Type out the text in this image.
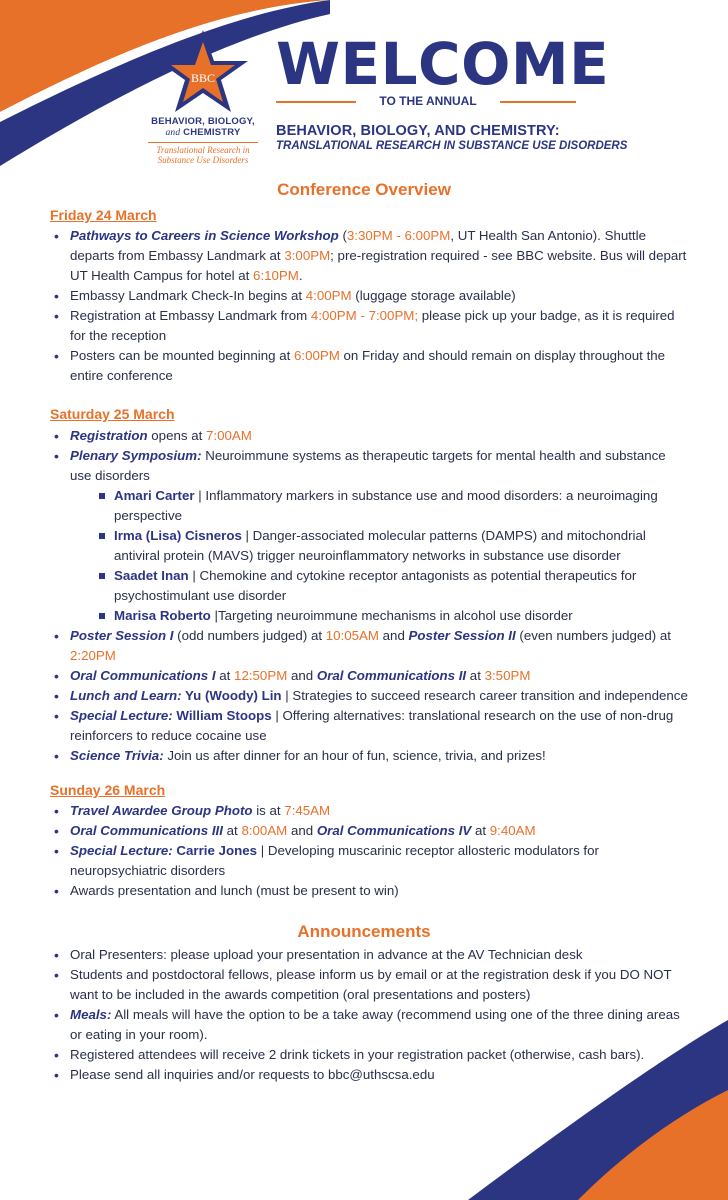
BBC
BEHAVIOR, BIOLOGY,
and CHEMISTRY
Translational Research in
Substance Use Disorders
WELCOME
TO THE ANNUAL
BEHAVIOR, BIOLOGY, AND CHEMISTRY:
TRANSLATIONAL RESEARCH IN SUBSTANCE USE DISORDERS
Conference Overview
Friday 24 March
• Pathways to Careers in Science Workshop (3:30PM - 6:00PM, UT Health San Antonio). Shuttle departs from Embassy Landmark at 3:00PM; pre-registration required - see BBC website. Bus will depart UT Health Campus for hotel at 6:10PM.
• Embassy Landmark Check-In begins at 4:00PM (luggage storage available)
• Registration at Embassy Landmark from 4:00PM - 7:00PM; please pick up your badge, as it is required for the reception
• Posters can be mounted beginning at 6:00PM on Friday and should remain on display throughout the entire conference
Saturday 25 March
• Registration opens at 7:00AM
• Plenary Symposium: Neuroimmune systems as therapeutic targets for mental health and substance use disorders
Amari Carter | Inflammatory markers in substance use and mood disorders: a neuroimaging perspective
Irma (Lisa) Cisneros | Danger-associated molecular patterns (DAMPS) and mitochondrial antiviral protein (MAVS) trigger neuroinflammatory networks in substance use disorder
Saadet Inan | Chemokine and cytokine receptor antagonists as potential therapeutics for psychostimulant use disorder
Marisa Roberto |Targeting neuroimmune mechanisms in alcohol use disorder
• Poster Session I (odd numbers judged) at 10:05AM and Poster Session II (even numbers judged) at 2:20PM
• Oral Communications I at 12:50PM and Oral Communications II at 3:50PM
• Lunch and Learn: Yu (Woody) Lin | Strategies to succeed research career transition and independence
• Special Lecture: William Stoops | Offering alternatives: translational research on the use of non-drug reinforcers to reduce cocaine use
• Science Trivia: Join us after dinner for an hour of fun, science, trivia, and prizes!
Sunday 26 March
• Travel Awardee Group Photo is at 7:45AM
• Oral Communications III at 8:00AM and Oral Communications IV at 9:40AM
• Special Lecture: Carrie Jones | Developing muscarinic receptor allosteric modulators for neuropsychiatric disorders
• Awards presentation and lunch (must be present to win)
Announcements
• Oral Presenters: please upload your presentation in advance at the AV Technician desk
• Students and postdoctoral fellows, please inform us by email or at the registration desk if you DO NOT want to be included in the awards competition (oral presentations and posters)
• Meals: All meals will have the option to be a take away (recommend using one of the three dining areas or eating in your room).
• Registered attendees will receive 2 drink tickets in your registration packet (otherwise, cash bars).
• Please send all inquiries and/or requests to bbc@uthscsa.edu
